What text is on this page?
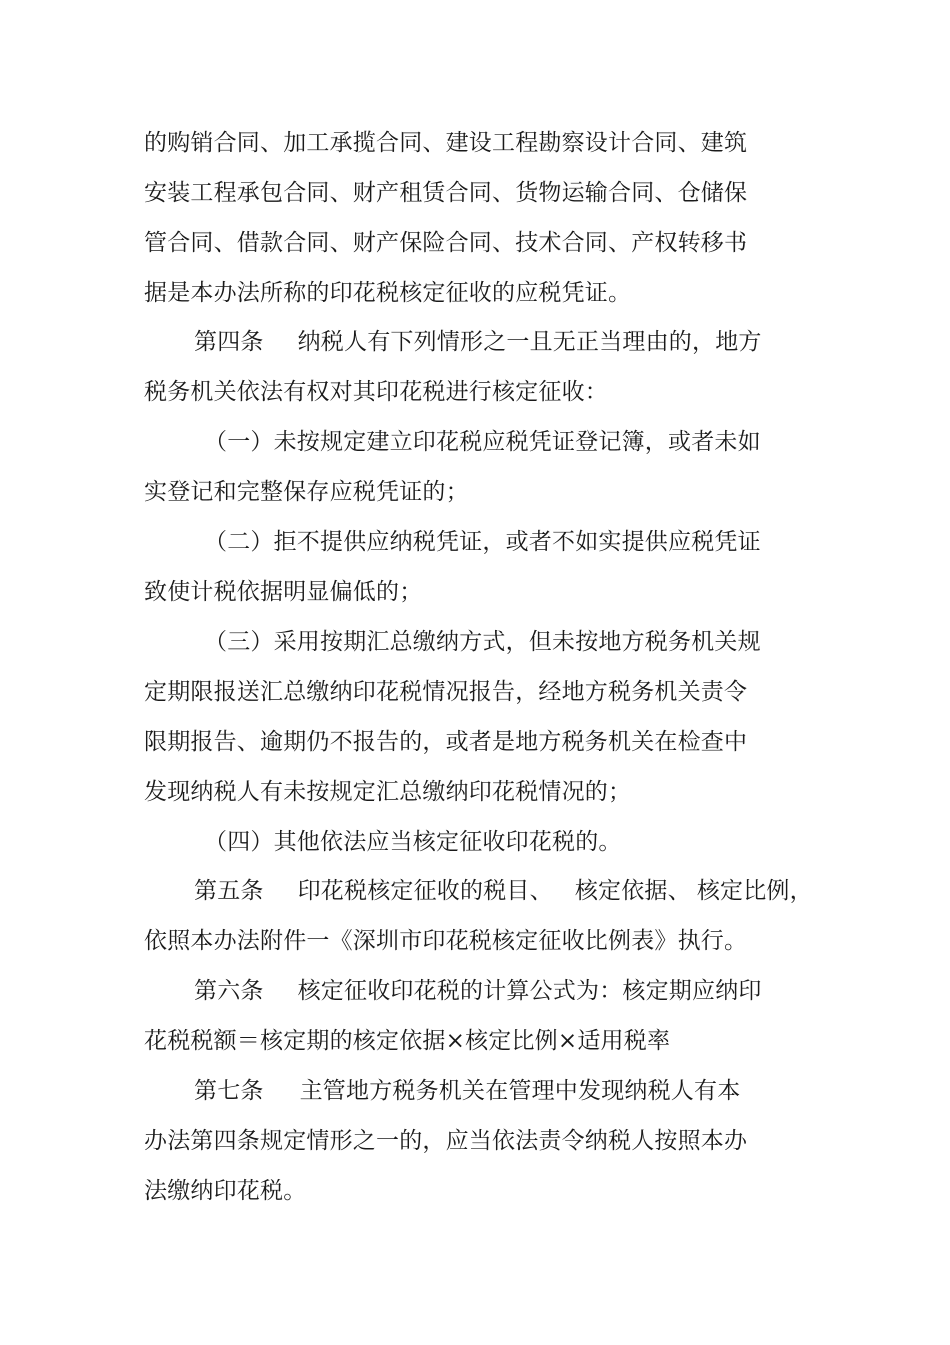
的购销合同、加工承揽合同、建设工程勘察设计合同、建筑
安装工程承包合同、财产租赁合同、货物运输合同、仓储保
管合同、借款合同、财产保险合同、技术合同、产权转移书
据是本办法所称的印花税核定征收的应税凭证。
第四条 纳税人有下列情形之一且无正当理由的，地方
税务机关依法有权对其印花税进行核定征收：
（一）未按规定建立印花税应税凭证登记簿，或者未如
实登记和完整保存应税凭证的；
（二）拒不提供应纳税凭证，或者不如实提供应税凭证
致使计税依据明显偏低的；
（三）采用按期汇总缴纳方式，但未按地方税务机关规
定期限报送汇总缴纳印花税情况报告，经地方税务机关责令
限期报告、逾期仍不报告的，或者是地方税务机关在检查中
发现纳税人有未按规定汇总缴纳印花税情况的；
（四）其他依法应当核定征收印花税的。
第五条 印花税核定征收的税目、 核定依据、 核定比例，
依照本办法附件一《深圳市印花税核定征收比例表》执行。
第六条 核定征收印花税的计算公式为：核定期应纳印
花税税额＝核定期的核定依据×核定比例×适用税率
第七条 主管地方税务机关在管理中发现纳税人有本
办法第四条规定情形之一的，应当依法责令纳税人按照本办
法缴纳印花税。
